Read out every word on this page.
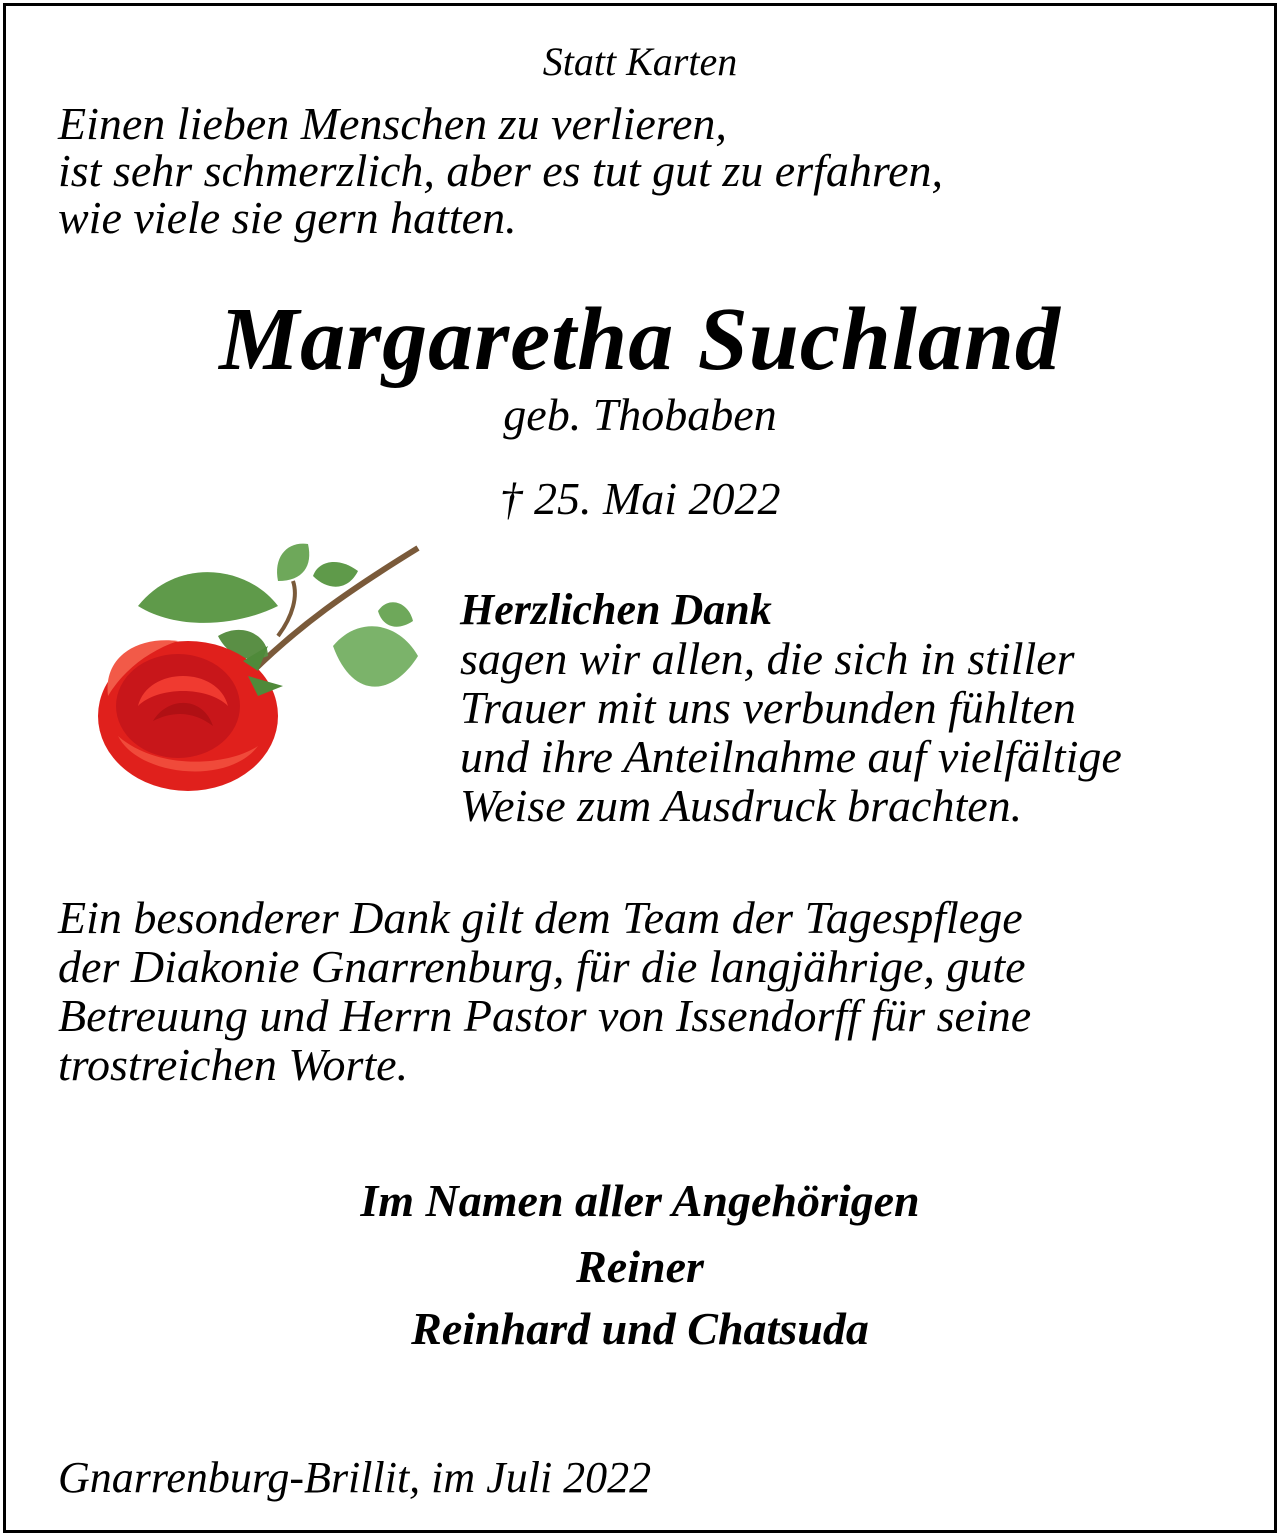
Statt Karten

Einen lieben Menschen zu verlieren,
ist sehr schmerzlich, aber es tut gut zu erfahren,
wie viele sie gern hatten.

Margaretha Suchland

geb. Thobaben

† 25. Mai 2022

Herzlichen Dank

sagen wir allen, die sich in stiller
Trauer mit uns verbunden fühlten
und ihre Anteilnahme auf vielfältige
Weise zum Ausdruck brachten.

Ein besonderer Dank gilt dem Team der Tagespflege
der Diakonie Gnarrenburg, für die langjährige, gute
Betreuung und Herrn Pastor von Issendorff für seine
trostreichen Worte.

Im Namen aller Angehörigen

Reiner

Reinhard und Chatsuda

Gnarrenburg-Brillit, im Juli 2022
